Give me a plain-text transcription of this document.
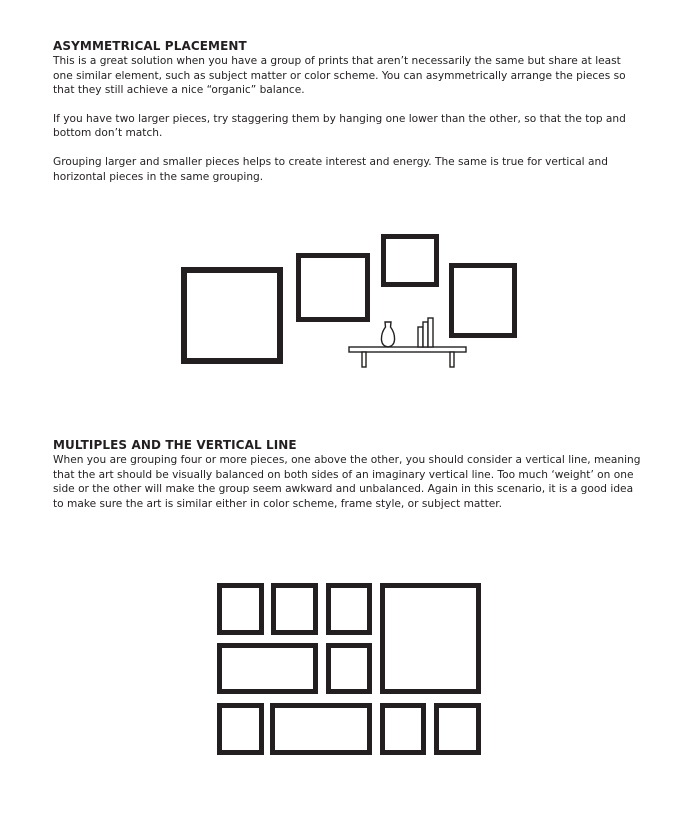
ASYMMETRICAL PLACEMENT

This is a great solution when you have a group of prints that aren’t necessarily the same but share at least one similar element, such as subject matter or color scheme. You can asymmetrically arrange the pieces so that they still achieve a nice “organic” balance.

If you have two larger pieces, try staggering them by hanging one lower than the other, so that the top and bottom don’t match.

Grouping larger and smaller pieces helps to create interest and energy. The same is true for vertical and horizontal pieces in the same grouping.

MULTIPLES AND THE VERTICAL LINE

When you are grouping four or more pieces, one above the other, you should consider a vertical line, meaning that the art should be visually balanced on both sides of an imaginary vertical line. Too much ‘weight’ on one side or the other will make the group seem awkward and unbalanced. Again in this scenario, it is a good idea to make sure the art is similar either in color scheme, frame style, or subject matter.
